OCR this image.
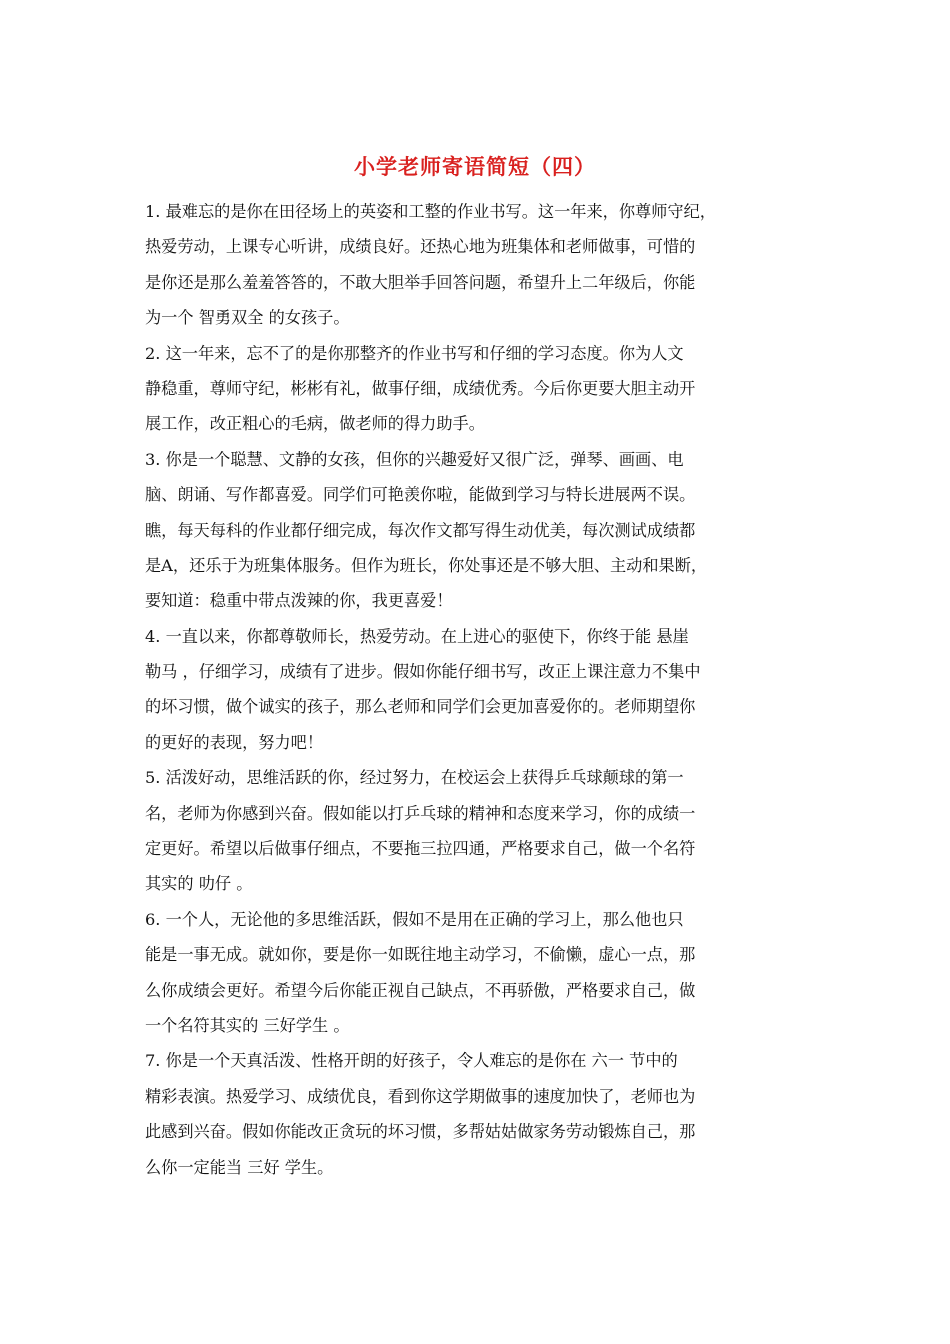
小学老师寄语简短（四）
1. 最难忘的是你在田径场上的英姿和工整的作业书写。这一年来，你尊师守纪，
热爱劳动，上课专心听讲，成绩良好。还热心地为班集体和老师做事，可惜的
是你还是那么羞羞答答的，不敢大胆举手回答问题，希望升上二年级后，你能
为一个 智勇双全 的女孩子。
2. 这一年来，忘不了的是你那整齐的作业书写和仔细的学习态度。你为人文
静稳重，尊师守纪，彬彬有礼，做事仔细，成绩优秀。今后你更要大胆主动开
展工作，改正粗心的毛病，做老师的得力助手。
3. 你是一个聪慧、文静的女孩，但你的兴趣爱好又很广泛，弹琴、画画、电
脑、朗诵、写作都喜爱。同学们可艳羡你啦，能做到学习与特长进展两不误。
瞧，每天每科的作业都仔细完成，每次作文都写得生动优美，每次测试成绩都
是A，还乐于为班集体服务。但作为班长，你处事还是不够大胆、主动和果断，
要知道：稳重中带点泼辣的你，我更喜爱！
4. 一直以来，你都尊敬师长，热爱劳动。在上进心的驱使下，你终于能 悬崖
勒马 ，仔细学习，成绩有了进步。假如你能仔细书写，改正上课注意力不集中
的坏习惯，做个诚实的孩子，那么老师和同学们会更加喜爱你的。老师期望你
的更好的表现，努力吧！
5. 活泼好动，思维活跃的你，经过努力，在校运会上获得乒乓球颠球的第一
名，老师为你感到兴奋。假如能以打乒乓球的精神和态度来学习，你的成绩一
定更好。希望以后做事仔细点，不要拖三拉四通，严格要求自己，做一个名符
其实的 叻仔 。
6. 一个人，无论他的多思维活跃，假如不是用在正确的学习上，那么他也只
能是一事无成。就如你，要是你一如既往地主动学习，不偷懒，虚心一点，那
么你成绩会更好。希望今后你能正视自己缺点，不再骄傲，严格要求自己，做
一个名符其实的 三好学生 。
7. 你是一个天真活泼、性格开朗的好孩子，令人难忘的是你在 六一 节中的
精彩表演。热爱学习、成绩优良，看到你这学期做事的速度加快了，老师也为
此感到兴奋。假如你能改正贪玩的坏习惯，多帮姑姑做家务劳动锻炼自己，那
么你一定能当 三好 学生。
